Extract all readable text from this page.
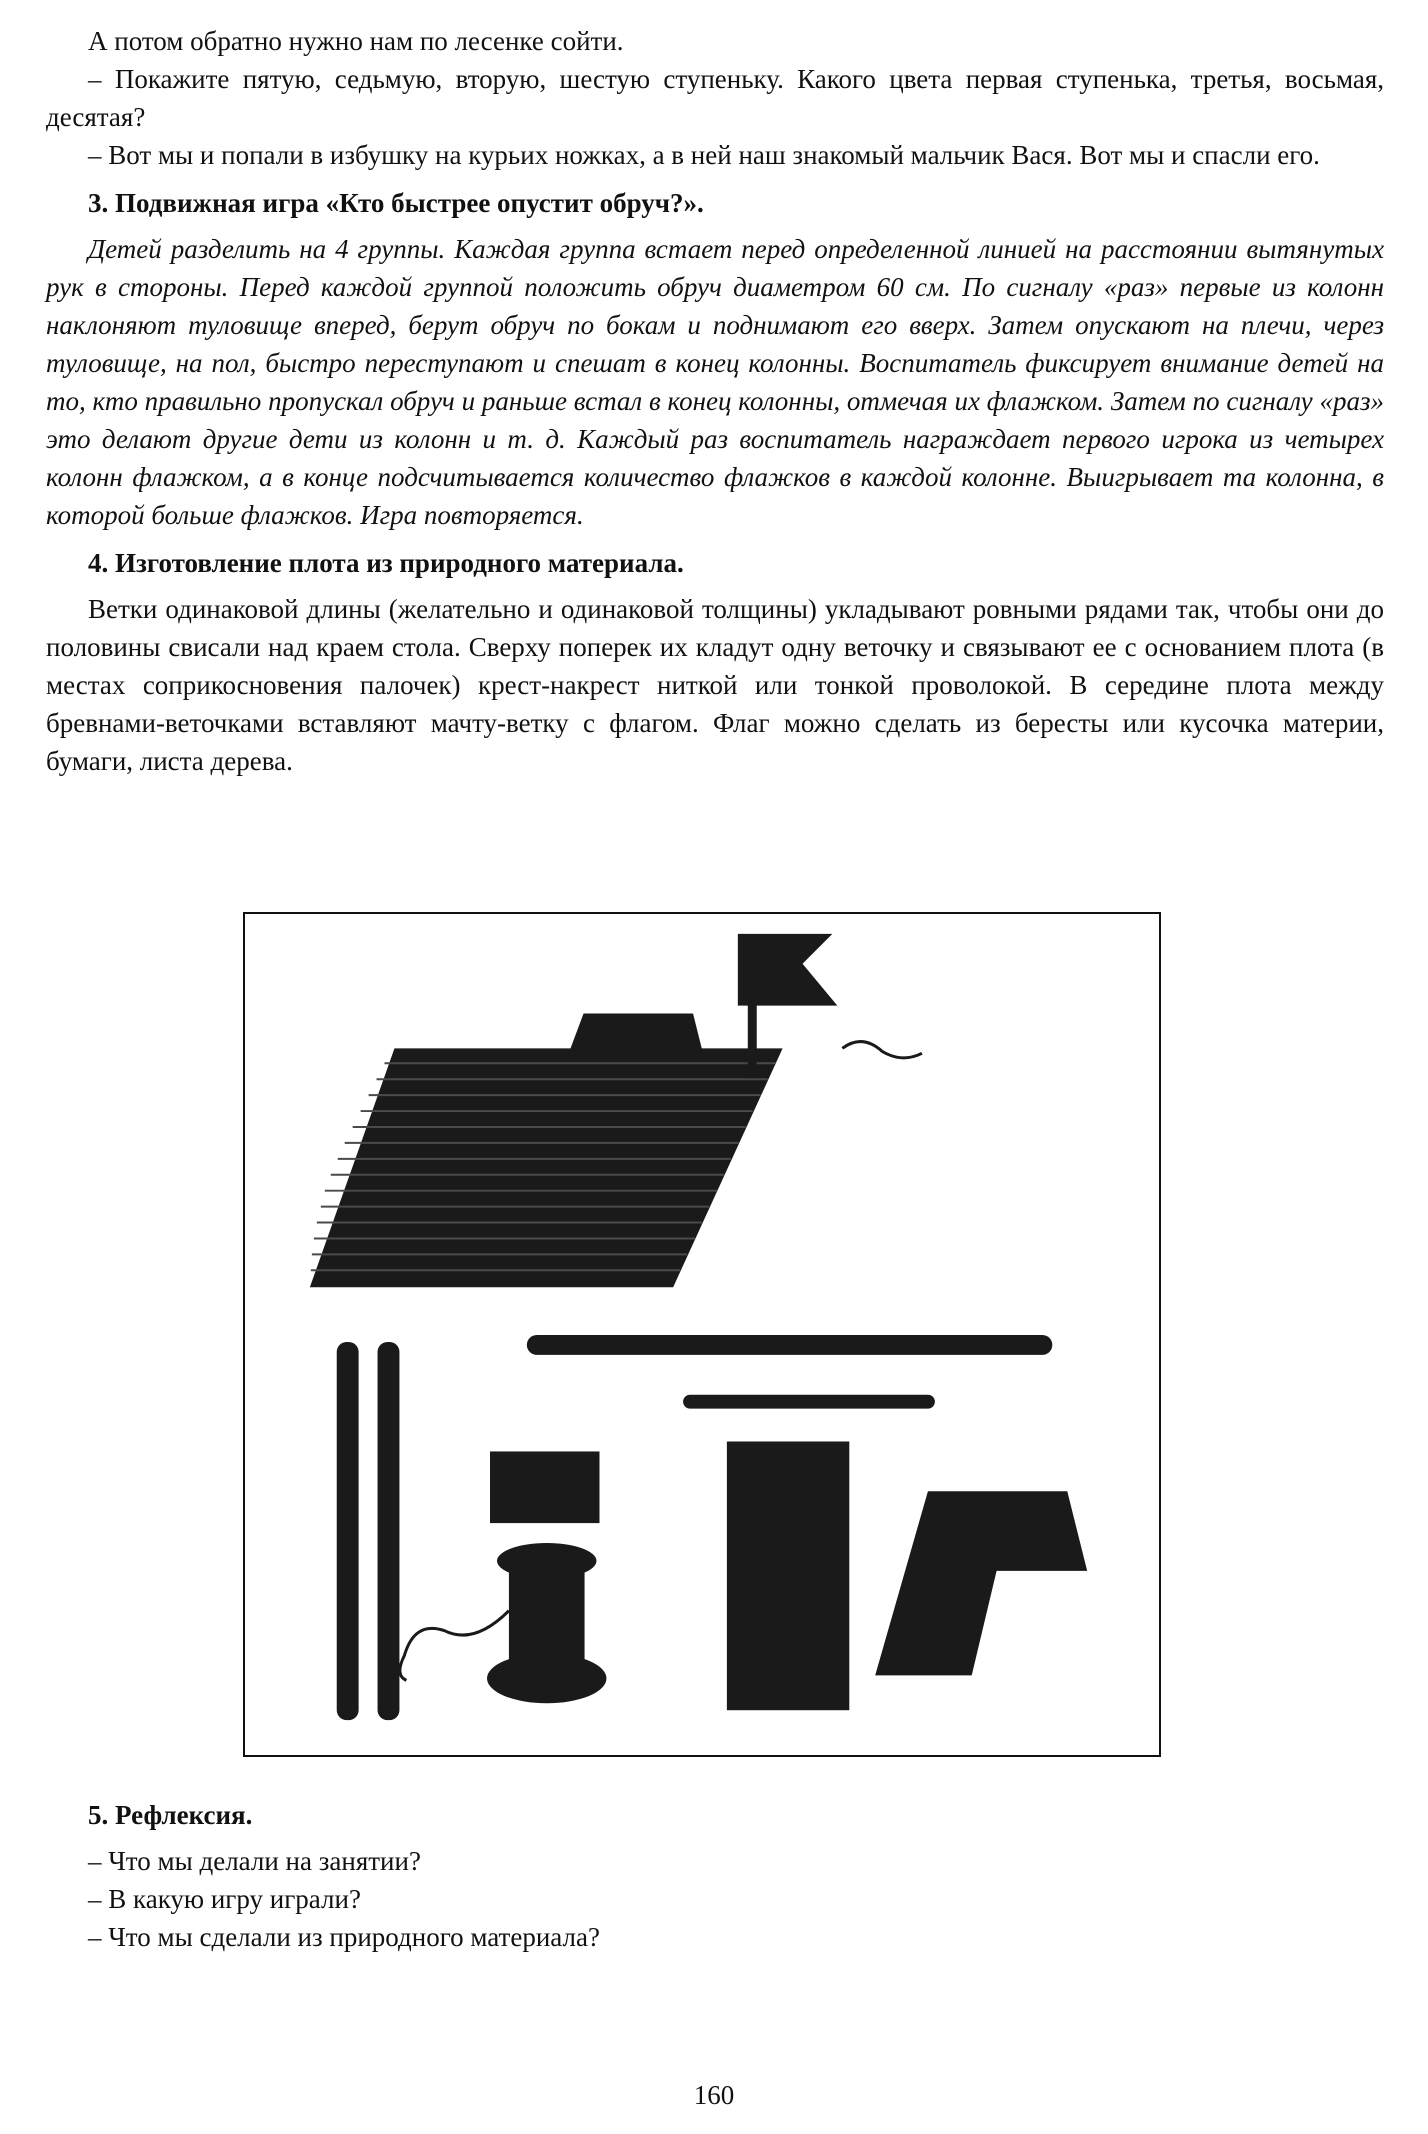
А потом обратно нужно нам по лесенке сойти.

– Покажите пятую, седьмую, вторую, шестую ступеньку. Какого цвета первая ступенька, третья, восьмая, десятая?

– Вот мы и попали в избушку на курьих ножках, а в ней наш знакомый мальчик Вася. Вот мы и спасли его.

3. Подвижная игра «Кто быстрее опустит обруч?».

Детей разделить на 4 группы. Каждая группа встает перед определенной линией на расстоянии вытянутых рук в стороны. Перед каждой группой положить обруч диаметром 60 см. По сигналу «раз» первые из колонн наклоняют туловище вперед, берут обруч по бокам и поднимают его вверх. Затем опускают на плечи, через туловище, на пол, быстро переступают и спешат в конец колонны. Воспитатель фиксирует внимание детей на то, кто правильно пропускал обруч и раньше встал в конец колонны, отмечая их флажком. Затем по сигналу «раз» это делают другие дети из колонн и т. д. Каждый раз воспитатель награждает первого игрока из четырех колонн флажком, а в конце подсчитывается количество флажков в каждой колонне. Выигрывает та колонна, в которой больше флажков. Игра повторяется.

4. Изготовление плота из природного материала.

Ветки одинаковой длины (желательно и одинаковой толщины) укладывают ровными рядами так, чтобы они до половины свисали над краем стола. Сверху поперек их кладут одну веточку и связывают ее с основанием плота (в местах соприкосновения палочек) крест-накрест ниткой или тонкой проволокой. В середине плота между бревнами-веточками вставляют мачту-ветку с флагом. Флаг можно сделать из бересты или кусочка материи, бумаги, листа дерева.

5. Рефлексия.

– Что мы делали на занятии?

– В какую игру играли?

– Что мы сделали из природного материала?

160
